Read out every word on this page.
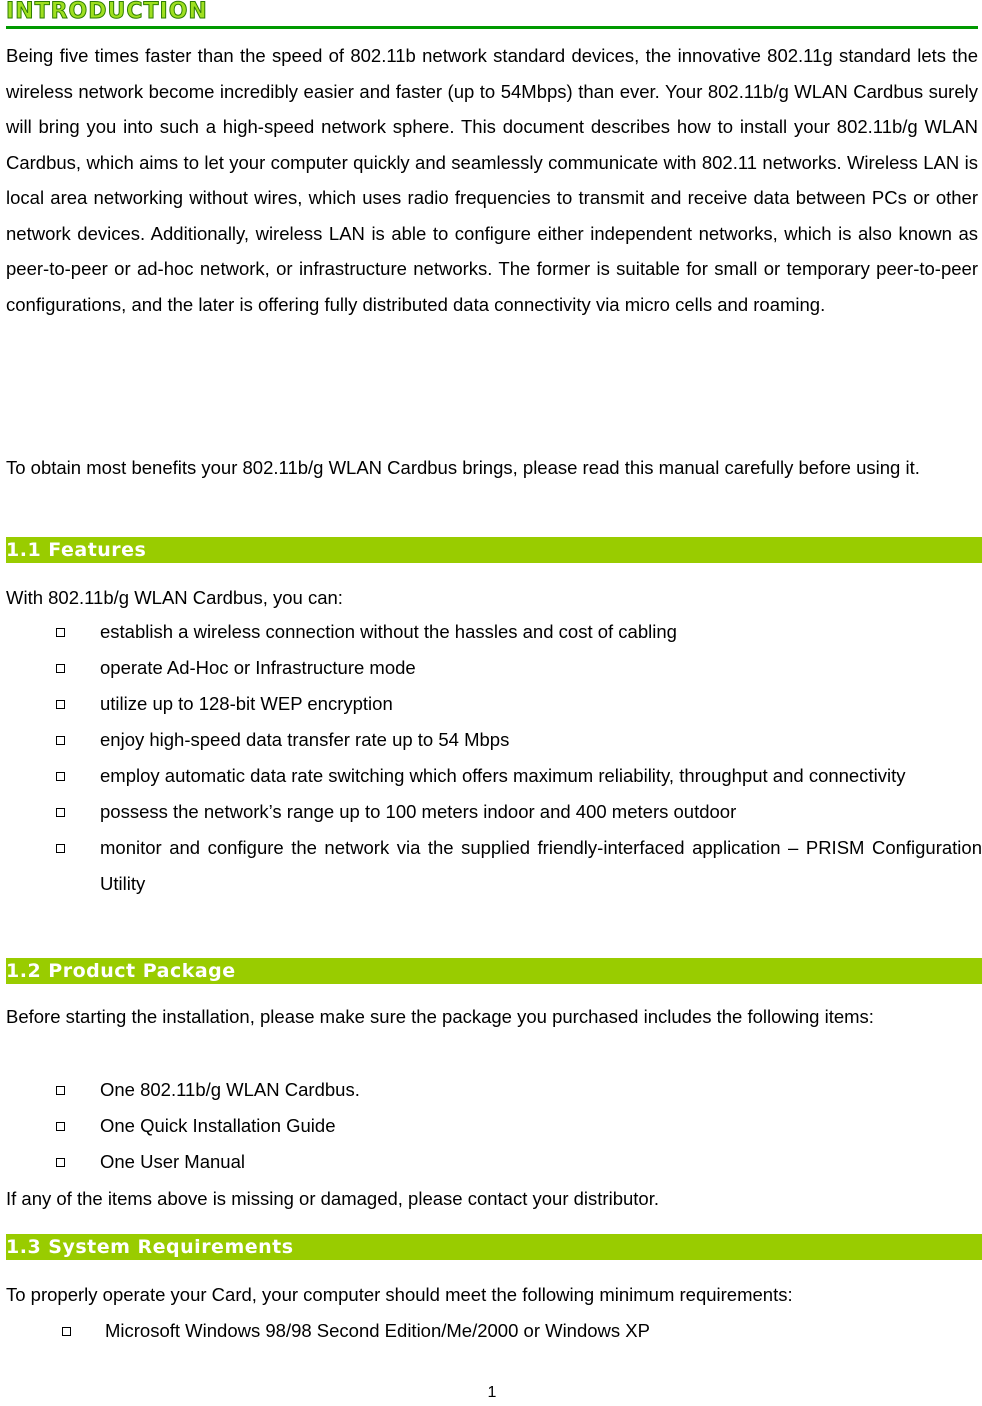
INTRODUCTION
Being five times faster than the speed of 802.11b network standard devices, the innovative 802.11g standard lets the wireless network become incredibly easier and faster (up to 54Mbps) than ever. Your 802.11b/g WLAN Cardbus surely will bring you into such a high-speed network sphere. This document describes how to install your 802.11b/g WLAN Cardbus, which aims to let your computer quickly and seamlessly communicate with 802.11 networks. Wireless LAN is local area networking without wires, which uses radio frequencies to transmit and receive data between PCs or other network devices. Additionally, wireless LAN is able to configure either independent networks, which is also known as peer-to-peer or ad-hoc network, or infrastructure networks. The former is suitable for small or temporary peer-to-peer configurations, and the later is offering fully distributed data connectivity via micro cells and roaming.
To obtain most benefits your 802.11b/g WLAN Cardbus brings, please read this manual carefully before using it.
1.1 Features
With 802.11b/g WLAN Cardbus, you can:
establish a wireless connection without the hassles and cost of cabling
operate Ad-Hoc or Infrastructure mode
utilize up to 128-bit WEP encryption
enjoy high-speed data transfer rate up to 54 Mbps
employ automatic data rate switching which offers maximum reliability, throughput and connectivity
possess the network’s range up to 100 meters indoor and 400 meters outdoor
monitor and configure the network via the supplied friendly-interfaced application – PRISM Configuration Utility
1.2 Product Package
Before starting the installation, please make sure the package you purchased includes the following items:
One 802.11b/g WLAN Cardbus.
One Quick Installation Guide
One User Manual
If any of the items above is missing or damaged, please contact your distributor.
1.3 System Requirements
To properly operate your Card, your computer should meet the following minimum requirements:
Microsoft Windows 98/98 Second Edition/Me/2000 or Windows XP
1
